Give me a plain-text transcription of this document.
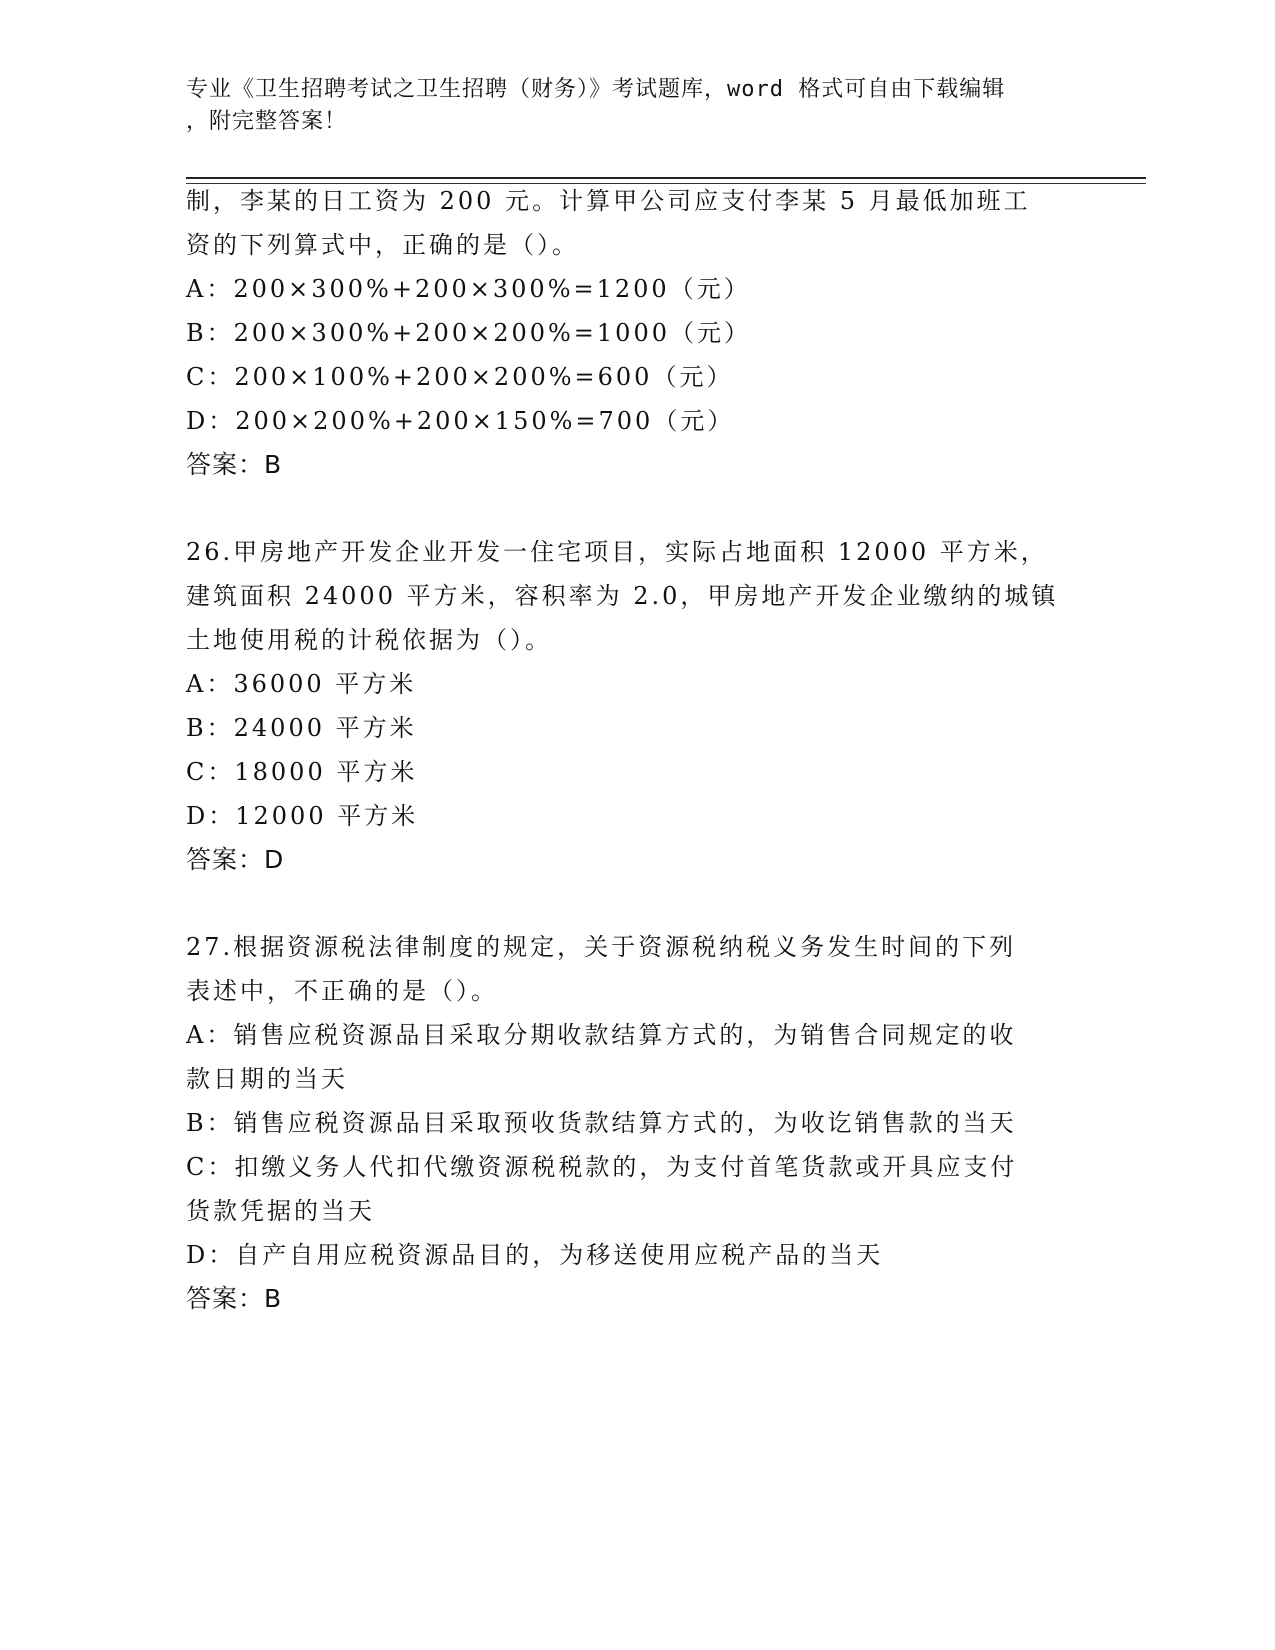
专业《卫生招聘考试之卫生招聘（财务）》考试题库，word 格式可自由下载编辑
，附完整答案！
制，李某的日工资为 200 元。计算甲公司应支付李某 5 月最低加班工
资的下列算式中，正确的是（）。
A：200×300%+200×300%=1200（元）
B：200×300%+200×200%=1000（元）
C：200×100%+200×200%=600（元）
D：200×200%+200×150%=700（元）
答案：B
26.甲房地产开发企业开发一住宅项目，实际占地面积 12000 平方米，
建筑面积 24000 平方米，容积率为 2.0，甲房地产开发企业缴纳的城镇
土地使用税的计税依据为（）。
A：36000 平方米
B：24000 平方米
C：18000 平方米
D：12000 平方米
答案：D
27.根据资源税法律制度的规定，关于资源税纳税义务发生时间的下列
表述中，不正确的是（）。
A：销售应税资源品目采取分期收款结算方式的，为销售合同规定的收
款日期的当天
B：销售应税资源品目采取预收货款结算方式的，为收讫销售款的当天
C：扣缴义务人代扣代缴资源税税款的，为支付首笔货款或开具应支付
货款凭据的当天
D：自产自用应税资源品目的，为移送使用应税产品的当天
答案：B
